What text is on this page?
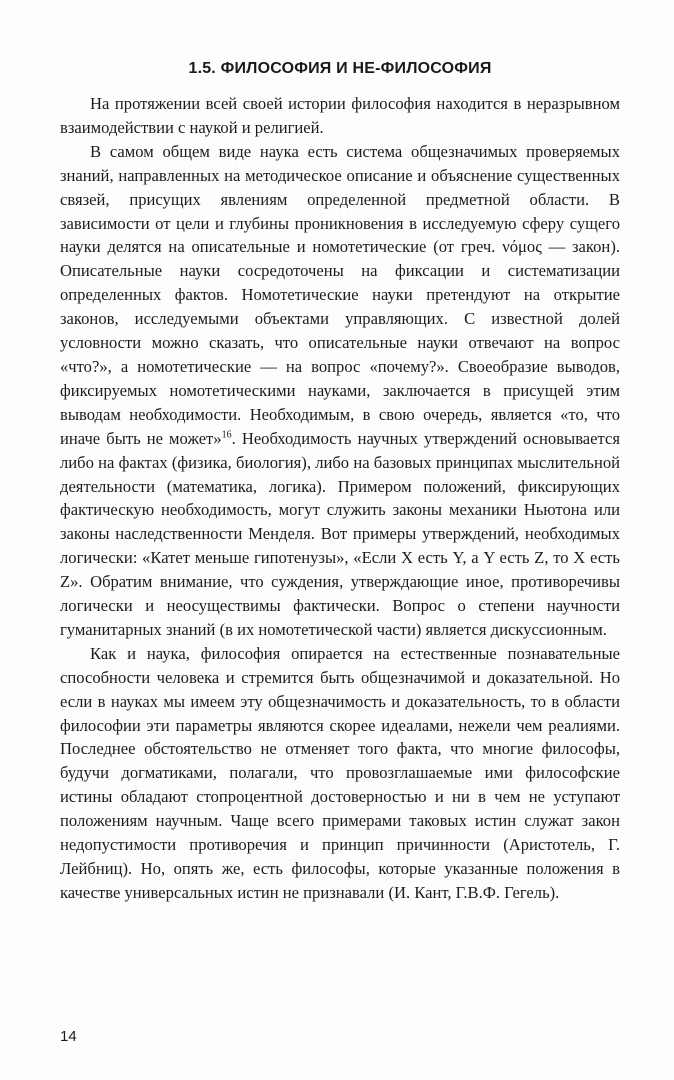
1.5. ФИЛОСОФИЯ И НЕ-ФИЛОСОФИЯ

На протяжении всей своей истории философия находится в неразрывном взаимодействии с наукой и религией.

В самом общем виде наука есть система общезначимых проверяемых знаний, направленных на методическое описание и объяснение существенных связей, присущих явлениям определенной предметной области. В зависимости от цели и глубины проникновения в исследуемую сферу сущего науки делятся на описательные и номотетические (от греч. νόμος — закон). Описательные науки сосредоточены на фиксации и систематизации определенных фактов. Номотетические науки претендуют на открытие законов, исследуемыми объектами управляющих. С известной долей условности можно сказать, что описательные науки отвечают на вопрос «что?», а номотетические — на вопрос «почему?». Своеобразие выводов, фиксируемых номотетическими науками, заключается в присущей этим выводам необходимости. Необходимым, в свою очередь, является «то, что иначе быть не может»$^{16}$. Необходимость научных утверждений основывается либо на фактах (физика, биология), либо на базовых принципах мыслительной деятельности (математика, логика). Примером положений, фиксирующих фактическую необходимость, могут служить законы механики Ньютона или законы наследственности Менделя. Вот примеры утверждений, необходимых логически: «Катет меньше гипотенузы», «Если X есть Y, а Y есть Z, то X есть Z». Обратим внимание, что суждения, утверждающие иное, противоречивы логически и неосуществимы фактически. Вопрос о степени научности гуманитарных знаний (в их номотетической части) является дискуссионным.

Как и наука, философия опирается на естественные познавательные способности человека и стремится быть общезначимой и доказательной. Но если в науках мы имеем эту общезначимость и доказательность, то в области философии эти параметры являются скорее идеалами, нежели чем реалиями. Последнее обстоятельство не отменяет того факта, что многие философы, будучи догматиками, полагали, что провозглашаемые ими философские истины обладают стопроцентной достоверностью и ни в чем не уступают положениям научным. Чаще всего примерами таковых истин служат закон недопустимости противоречия и принцип причинности (Аристотель, Г. Лейбниц). Но, опять же, есть философы, которые указанные положения в качестве универсальных истин не признавали (И. Кант, Г.В.Ф. Гегель).

14
